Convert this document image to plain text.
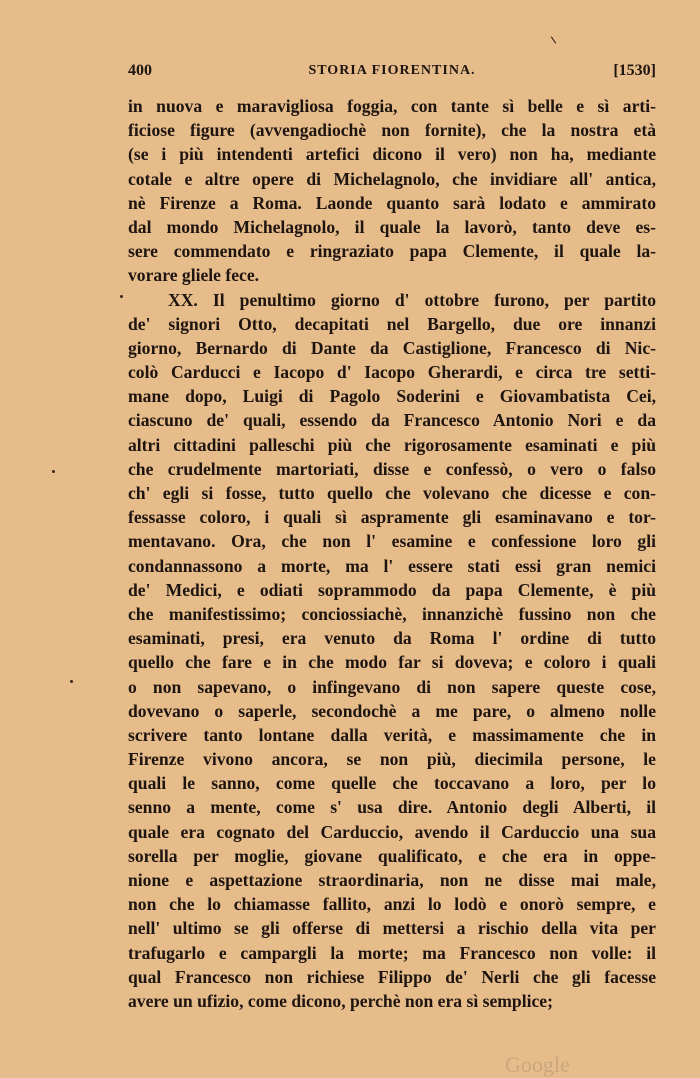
400	STORIA FIORENTINA.	[1530]
in nuova e maravigliosa foggia, con tante sì belle e sì arti-
ficiose figure (avvengadiochè non fornite), che la nostra età
(se i più intendenti artefici dicono il vero) non ha, mediante
cotale e altre opere di Michelagnolo, che invidiare all' antica,
nè Firenze a Roma. Laonde quanto sarà lodato e ammirato
dal mondo Michelagnolo, il quale la lavorò, tanto deve es-
sere commendato e ringraziato papa Clemente, il quale la-
vorare gliele fece.
XX. Il penultimo giorno d' ottobre furono, per partito
de' signori Otto, decapitati nel Bargello, due ore innanzi
giorno, Bernardo di Dante da Castiglione, Francesco di Nic-
colò Carducci e Iacopo d' Iacopo Gherardi, e circa tre setti-
mane dopo, Luigi di Pagolo Soderini e Giovambatista Cei,
ciascuno de' quali, essendo da Francesco Antonio Nori e da
altri cittadini palleschi più che rigorosamente esaminati e più
che crudelmente martoriati, disse e confessò, o vero o falso
ch' egli si fosse, tutto quello che volevano che dicesse e con-
fessasse coloro, i quali sì aspramente gli esaminavano e tor-
mentavano. Ora, che non l' esamine e confessione loro gli
condannassono a morte, ma l' essere stati essi gran nemici
de' Medici, e odiati soprammodo da papa Clemente, è più
che manifestissimo; conciossiachè, innanzichè fussino non che
esaminati, presi, era venuto da Roma l' ordine di tutto
quello che fare e in che modo far si doveva; e coloro i quali
o non sapevano, o infingevano di non sapere queste cose,
dovevano o saperle, secondochè a me pare, o almeno nolle
scrivere tanto lontane dalla verità, e massimamente che in
Firenze vivono ancora, se non più, diecimila persone, le
quali le sanno, come quelle che toccavano a loro, per lo
senno a mente, come s' usa dire. Antonio degli Alberti, il
quale era cognato del Carduccio, avendo il Carduccio una sua
sorella per moglie, giovane qualificato, e che era in oppe-
nione e aspettazione straordinaria, non ne disse mai male,
non che lo chiamasse fallito, anzi lo lodò e onorò sempre, e
nell' ultimo se gli offerse di mettersi a rischio della vita per
trafugarlo e campargli la morte; ma Francesco non volle: il
qual Francesco non richiese Filippo de' Nerli che gli facesse
avere un ufizio, come dicono, perchè non era sì semplice;
Google
